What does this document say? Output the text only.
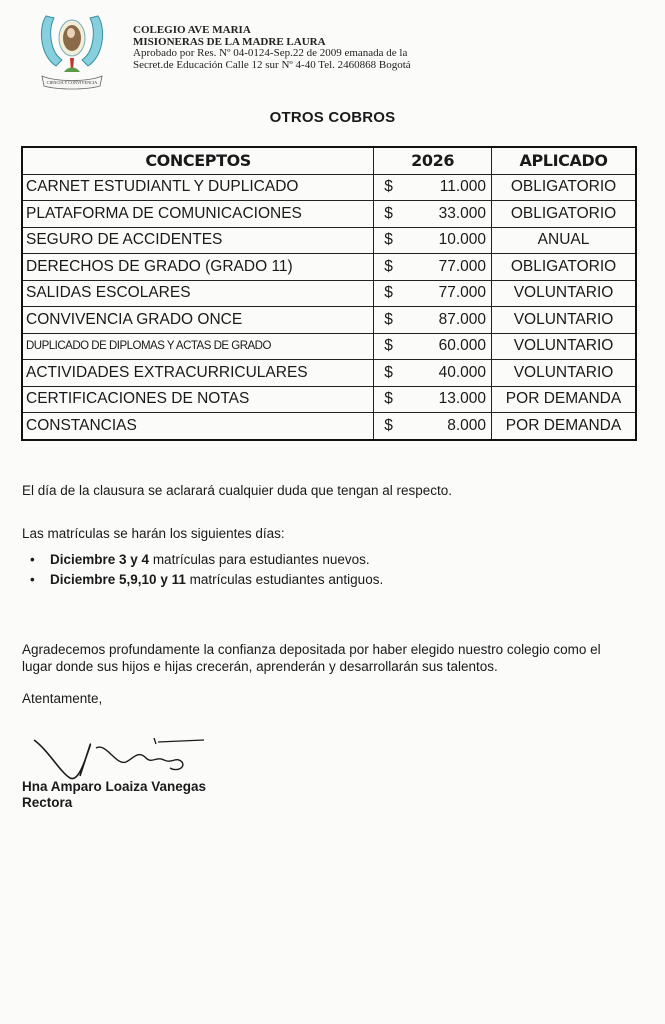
CIENCIA Y CONVIVENCIA
COLEGIO AVE MARIA
MISIONERAS DE LA MADRE LAURA
Aprobado por Res. Nº 04-0124-Sep.22 de 2009 emanada de la
Secret.de Educación Calle 12 sur Nº 4-40 Tel. 2460868 Bogotá
OTROS COBROS
CONCEPTOS	2026	APLICADO
CARNET ESTUDIANTL Y DUPLICADO	$ 11.000	OBLIGATORIO
PLATAFORMA DE COMUNICACIONES	$ 33.000	OBLIGATORIO
SEGURO DE ACCIDENTES	$ 10.000	ANUAL
DERECHOS DE GRADO (GRADO 11)	$ 77.000	OBLIGATORIO
SALIDAS ESCOLARES	$ 77.000	VOLUNTARIO
CONVIVENCIA GRADO ONCE	$ 87.000	VOLUNTARIO
DUPLICADO DE DIPLOMAS Y ACTAS DE GRADO	$ 60.000	VOLUNTARIO
ACTIVIDADES EXTRACURRICULARES	$ 40.000	VOLUNTARIO
CERTIFICACIONES DE NOTAS	$ 13.000	POR DEMANDA
CONSTANCIAS	$ 8.000	POR DEMANDA
El día de la clausura se aclarará cualquier duda que tengan al respecto.
Las matrículas se harán los siguientes días:
• Diciembre 3 y 4 matrículas para estudiantes nuevos.
• Diciembre 5,9,10 y 11 matrículas estudiantes antiguos.
Agradecemos profundamente la confianza depositada por haber elegido nuestro colegio como el
lugar donde sus hijos e hijas crecerán, aprenderán y desarrollarán sus talentos.
Atentamente,
Hna Amparo Loaiza Vanegas
Rectora
